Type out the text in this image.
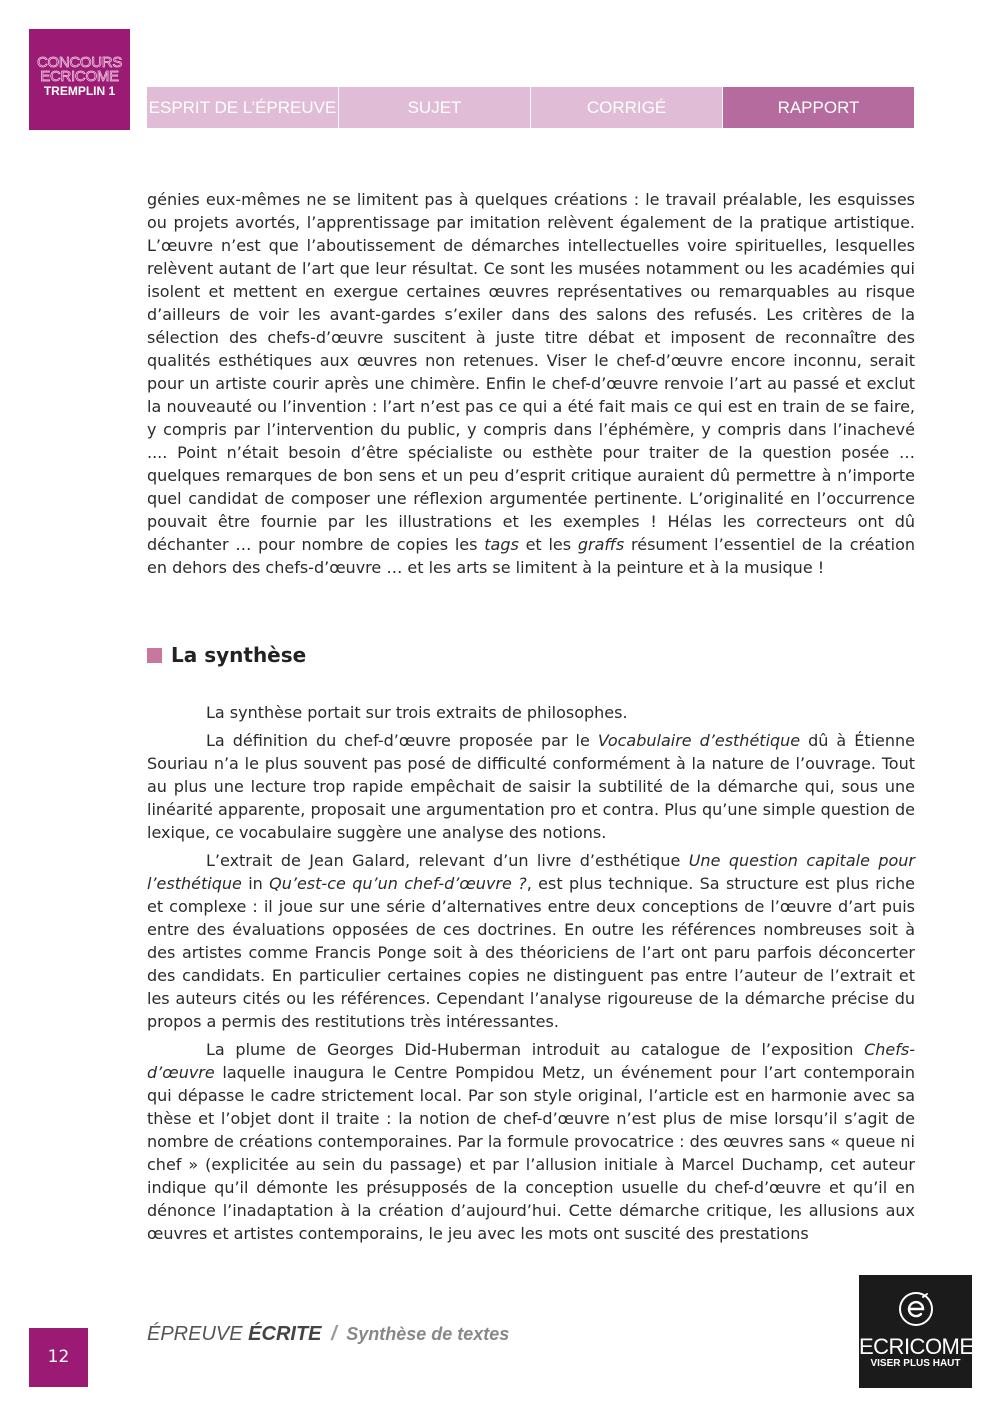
CONCOURS
ECRICOME
TREMPLIN 1
ESPRIT DE L’ÉPREUVE	SUJET	CORRIGÉ	RAPPORT

génies eux-mêmes ne se limitent pas à quelques créations : le travail préalable, les esquisses ou projets avortés, l’apprentissage par imitation relèvent également de la pratique artistique. L’œuvre n’est que l’aboutissement de démarches intellectuelles voire spirituelles, lesquelles relèvent autant de l’art que leur résultat. Ce sont les musées notamment ou les académies qui isolent et mettent en exergue certaines œuvres représentatives ou remarquables au risque d’ailleurs de voir les avant-gardes s’exiler dans des salons des refusés. Les critères de la sélection des chefs-d’œuvre suscitent à juste titre débat et imposent de reconnaître des qualités esthétiques aux œuvres non retenues. Viser le chef-d’œuvre encore inconnu, serait pour un artiste courir après une chimère. Enfin le chef-d’œuvre renvoie l’art au passé et exclut la nouveauté ou l’invention : l’art n’est pas ce qui a été fait mais ce qui est en train de se faire, y compris par l’intervention du public, y compris dans l’éphémère, y compris dans l’inachevé .... Point n’était besoin d’être spécialiste ou esthète pour traiter de la question posée … quelques remarques de bon sens et un peu d’esprit critique auraient dû permettre à n’importe quel candidat de composer une réflexion argumentée pertinente. L’originalité en l’occurrence pouvait être fournie par les illustrations et les exemples ! Hélas les correcteurs ont dû déchanter … pour nombre de copies les tags et les graffs résument l’essentiel de la création en dehors des chefs-d’œuvre … et les arts se limitent à la peinture et à la musique !

La synthèse

La synthèse portait sur trois extraits de philosophes.

La définition du chef-d’œuvre proposée par le Vocabulaire d’esthétique dû à Étienne Souriau n’a le plus souvent pas posé de difficulté conformément à la nature de l’ouvrage. Tout au plus une lecture trop rapide empêchait de saisir la subtilité de la démarche qui, sous une linéarité apparente, proposait une argumentation pro et contra. Plus qu’une simple question de lexique, ce vocabulaire suggère une analyse des notions.

L’extrait de Jean Galard, relevant d’un livre d’esthétique Une question capitale pour l’esthétique in Qu’est-ce qu’un chef-d’œuvre ?, est plus technique. Sa structure est plus riche et complexe : il joue sur une série d’alternatives entre deux conceptions de l’œuvre d’art puis entre des évaluations opposées de ces doctrines. En outre les références nombreuses soit à des artistes comme Francis Ponge soit à des théoriciens de l’art ont paru parfois déconcerter des candidats. En particulier certaines copies ne distinguent pas entre l’auteur de l’extrait et les auteurs cités ou les références. Cependant l’analyse rigoureuse de la démarche précise du propos a permis des restitutions très intéressantes.

La plume de Georges Did-Huberman introduit au catalogue de l’exposition Chefs-d’œuvre laquelle inaugura le Centre Pompidou Metz, un événement pour l’art contemporain qui dépasse le cadre strictement local. Par son style original, l’article est en harmonie avec sa thèse et l’objet dont il traite : la notion de chef-d’œuvre n’est plus de mise lorsqu’il s’agit de nombre de créations contemporaines. Par la formule provocatrice : des œuvres sans « queue ni chef » (explicitée au sein du passage) et par l’allusion initiale à Marcel Duchamp, cet auteur indique qu’il démonte les présupposés de la conception usuelle du chef-d’œuvre et qu’il en dénonce l’inadaptation à la création d’aujourd’hui. Cette démarche critique, les allusions aux œuvres et artistes contemporains, le jeu avec les mots ont suscité des prestations

12
ÉPREUVE ÉCRITE / Synthèse de textes	ECRICOME
VISER PLUS HAUT
